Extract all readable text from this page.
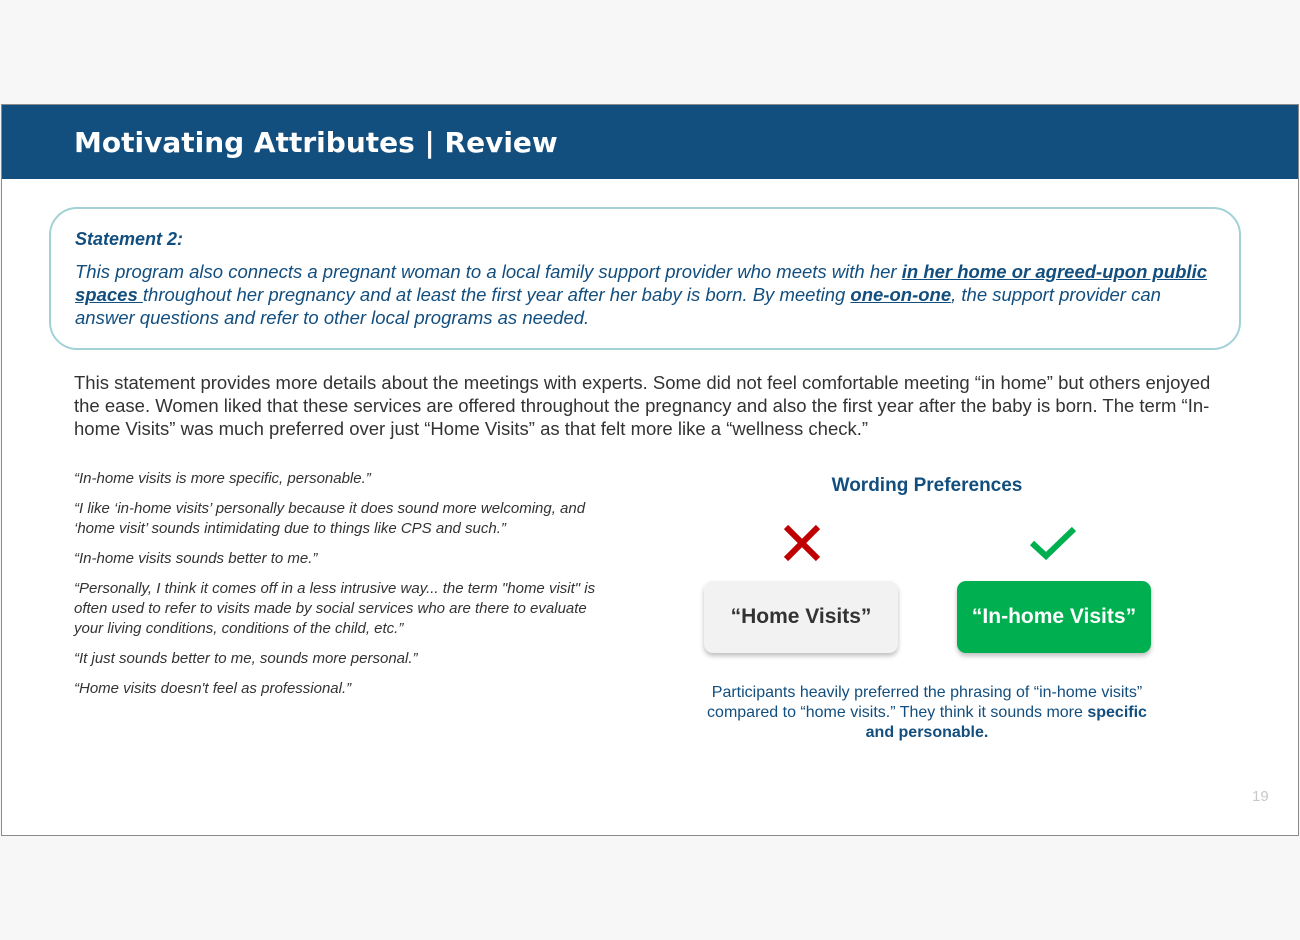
Motivating Attributes | Review
Statement 2:
This program also connects a pregnant woman to a local family support provider who meets with her in her home or agreed-upon public spaces throughout her pregnancy and at least the first year after her baby is born. By meeting one-on-one, the support provider can answer questions and refer to other local programs as needed.
This statement provides more details about the meetings with experts. Some did not feel comfortable meeting “in home” but others enjoyed the ease. Women liked that these services are offered throughout the pregnancy and also the first year after the baby is born. The term “In-home Visits” was much preferred over just “Home Visits” as that felt more like a “wellness check.”

“In-home visits is more specific, personable.”

“I like ‘in-home visits’ personally because it does sound more welcoming, and ‘home visit’ sounds intimidating due to things like CPS and such.”

“In-home visits sounds better to me.”

“Personally, I think it comes off in a less intrusive way... the term "home visit" is often used to refer to visits made by social services who are there to evaluate your living conditions, conditions of the child, etc.”

“It just sounds better to me, sounds more personal.”

“Home visits doesn't feel as professional.”

Wording Preferences
“Home Visits”	“In-home Visits”
Participants heavily preferred the phrasing of “in-home visits” compared to “home visits.” They think it sounds more specific and personable.
19
